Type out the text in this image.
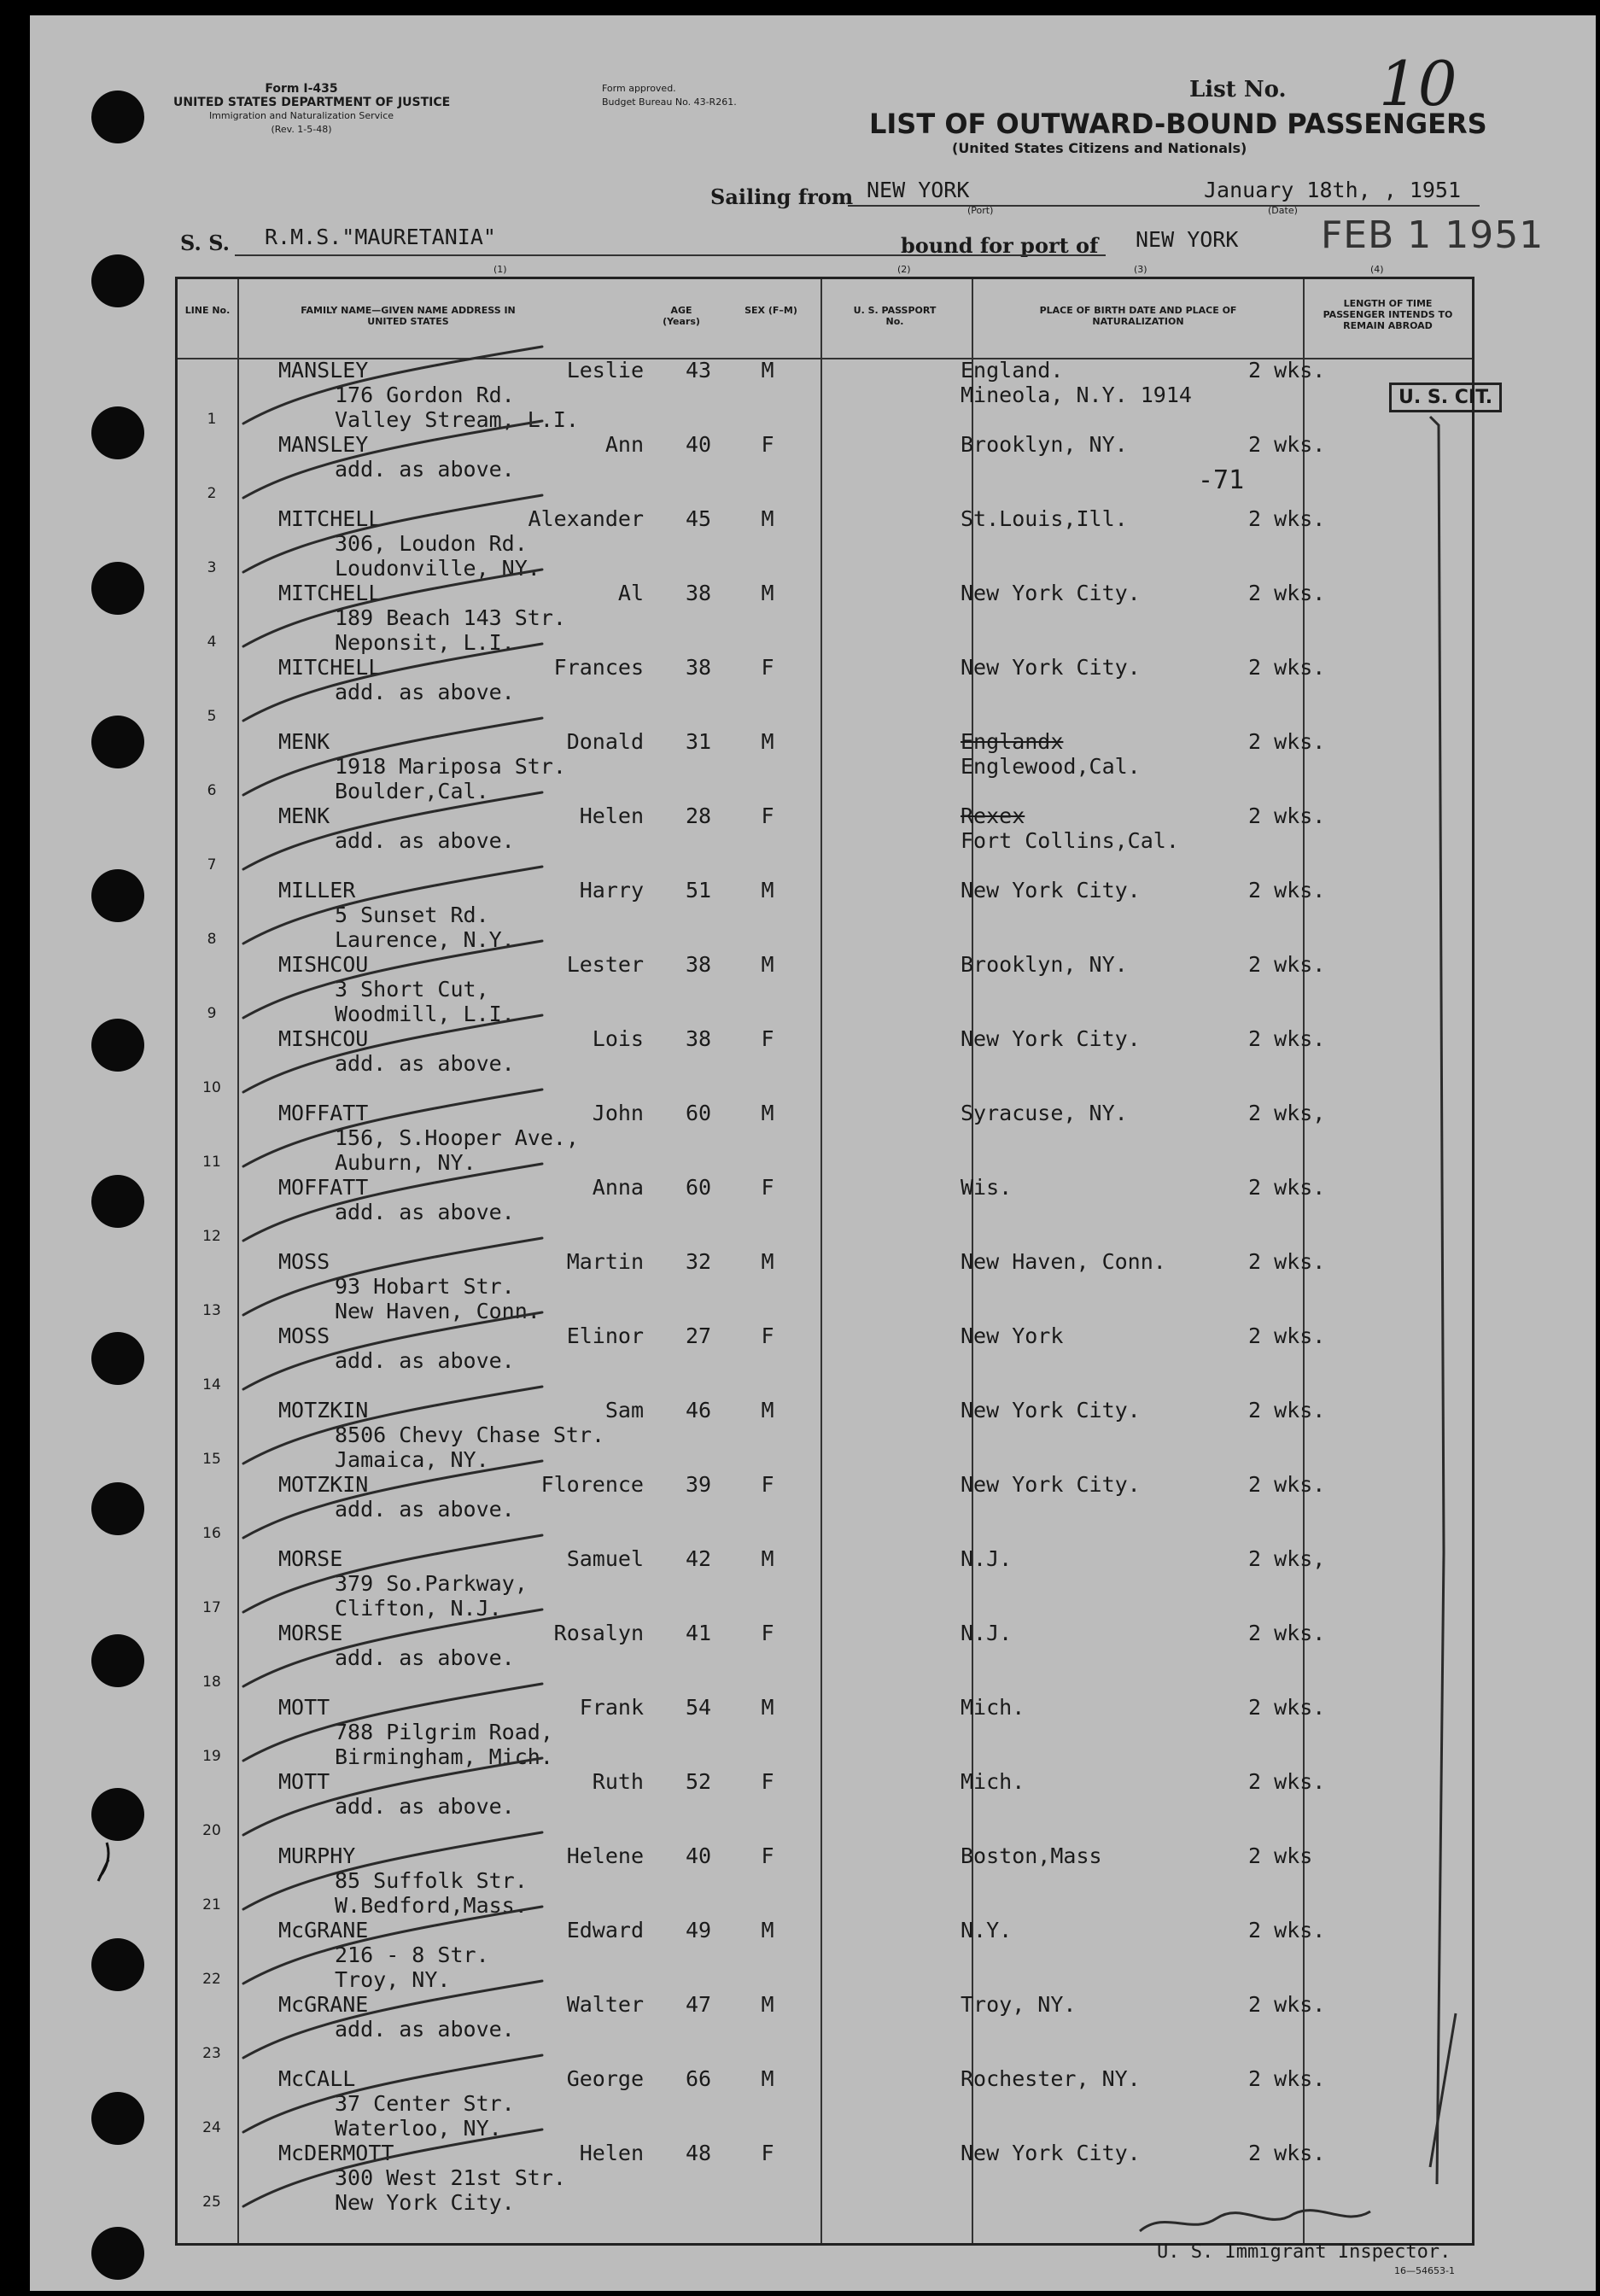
Form I-435
UNITED STATES DEPARTMENT OF JUSTICE
Immigration and Naturalization Service
(Rev. 1-5-48)
Form approved.
Budget Bureau No. 43-R261.	List No. 10
LIST OF OUTWARD-BOUND PASSENGERS
(United States Citizens and Nationals)
Sailing from NEW YORK
(Port)
January 18th, , 1951
(Date)
S. S. R.M.S."MAURETANIA"	bound for port of NEW YORK FEB 1 1951
(1)	(2)	(3)	(4)
LINE No.	FAMILY NAME—GIVEN NAME ADDRESS IN UNITED STATES
AGE (Years)
SEX (F–M)	U. S. PASSPORT No.
PLACE OF BIRTH DATE AND PLACE OF NATURALIZATION
LENGTH OF TIME PASSENGER INTENDS TO REMAIN ABROAD
1
MANSLEY	Leslie
176 Gordon Rd.
Valley Stream, L.I.
43	M	England.
Mineola, N.Y. 1914
2 wks.
2
MANSLEY	Ann
add. as above.
40	F	Brooklyn, NY.	2 wks.
3
MITCHELL	Alexander
306, Loudon Rd.
Loudonville, NY.
45	M	St.Louis,Ill.	2 wks.
4
MITCHELL	Al
189 Beach 143 Str.
Neponsit, L.I.
38	M	New York City.	2 wks.
5
MITCHELL	Frances
add. as above.
38	F	New York City.	2 wks.
6
MENK	Donald
1918 Mariposa Str.
Boulder,Cal.
31	M	Englandx
Englewood,Cal.
2 wks.
7
MENK	Helen
add. as above.
28	F	Rexex
Fort Collins,Cal.
2 wks.
8
MILLER	Harry
5 Sunset Rd.
Laurence, N.Y.
51	M	New York City.	2 wks.
9
MISHCOU	Lester
3 Short Cut,
Woodmill, L.I.
38	M	Brooklyn, NY.	2 wks.
10
MISHCOU	Lois
add. as above.
38	F	New York City.	2 wks.
11
MOFFATT	John
156, S.Hooper Ave.,
Auburn, NY.
60	M	Syracuse, NY.	2 wks,
12
MOFFATT	Anna
add. as above.
60	F	Wis.	2 wks.
13
MOSS	Martin
93 Hobart Str.
New Haven, Conn.
32	M	New Haven, Conn.	2 wks.
14
MOSS	Elinor
add. as above.
27	F	New York	2 wks.
15
MOTZKIN	Sam
8506 Chevy Chase Str.
Jamaica, NY.
46	M	New York City.	2 wks.
16
MOTZKIN	Florence
add. as above.
39	F	New York City.	2 wks.
17
MORSE	Samuel
379 So.Parkway,
Clifton, N.J.
42	M	N.J.	2 wks,
18
MORSE	Rosalyn
add. as above.
41	F	N.J.	2 wks.
19
MOTT	Frank
788 Pilgrim Road,
Birmingham, Mich.
54	M	Mich.	2 wks.
20
MOTT	Ruth
add. as above.
52	F	Mich.	2 wks.
21
MURPHY	Helene
85 Suffolk Str.
W.Bedford,Mass.
40	F	Boston,Mass	2 wks
22
McGRANE	Edward
216 - 8 Str.
Troy, NY.
49	M	N.Y.	2 wks.
23
McGRANE	Walter
add. as above.
47	M	Troy, NY.	2 wks.
24
McCALL	George
37 Center Str.
Waterloo, NY.
66	M	Rochester, NY.	2 wks.
25
McDERMOTT	Helen
300 West 21st Str.
New York City.
48	F	New York City.	2 wks.
U. S. CIT.
-71
U. S. Immigrant Inspector.
16—54653-1
